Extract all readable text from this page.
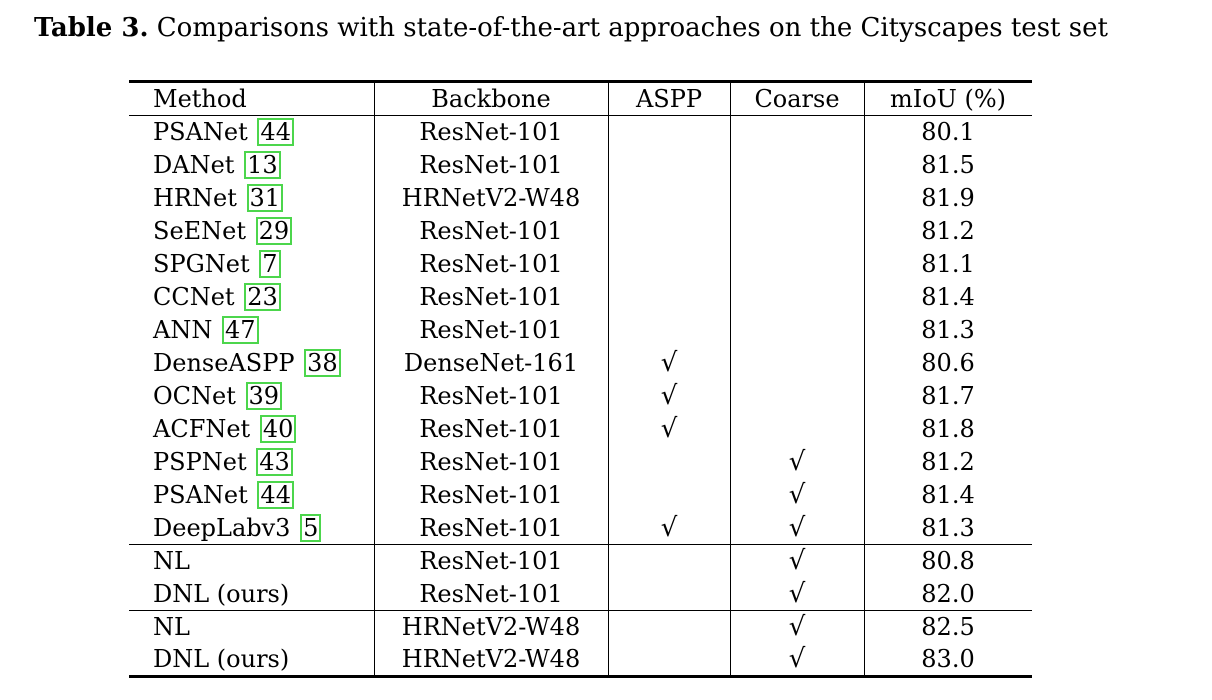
Table 3. Comparisons with state-of-the-art approaches on the Cityscapes test set
Method	Backbone	ASPP	Coarse	mIoU (%)
PSANet 44	ResNet-101			80.1
DANet 13	ResNet-101			81.5
HRNet 31	HRNetV2-W48			81.9
SeENet 29	ResNet-101			81.2
SPGNet 7	ResNet-101			81.1
CCNet 23	ResNet-101			81.4
ANN 47	ResNet-101			81.3
DenseASPP 38	DenseNet-161	√		80.6
OCNet 39	ResNet-101	√		81.7
ACFNet 40	ResNet-101	√		81.8
PSPNet 43	ResNet-101		√	81.2
PSANet 44	ResNet-101		√	81.4
DeepLabv3 5	ResNet-101	√	√	81.3
NL	ResNet-101		√	80.8
DNL (ours)	ResNet-101		√	82.0
NL	HRNetV2-W48		√	82.5
DNL (ours)	HRNetV2-W48		√	83.0
